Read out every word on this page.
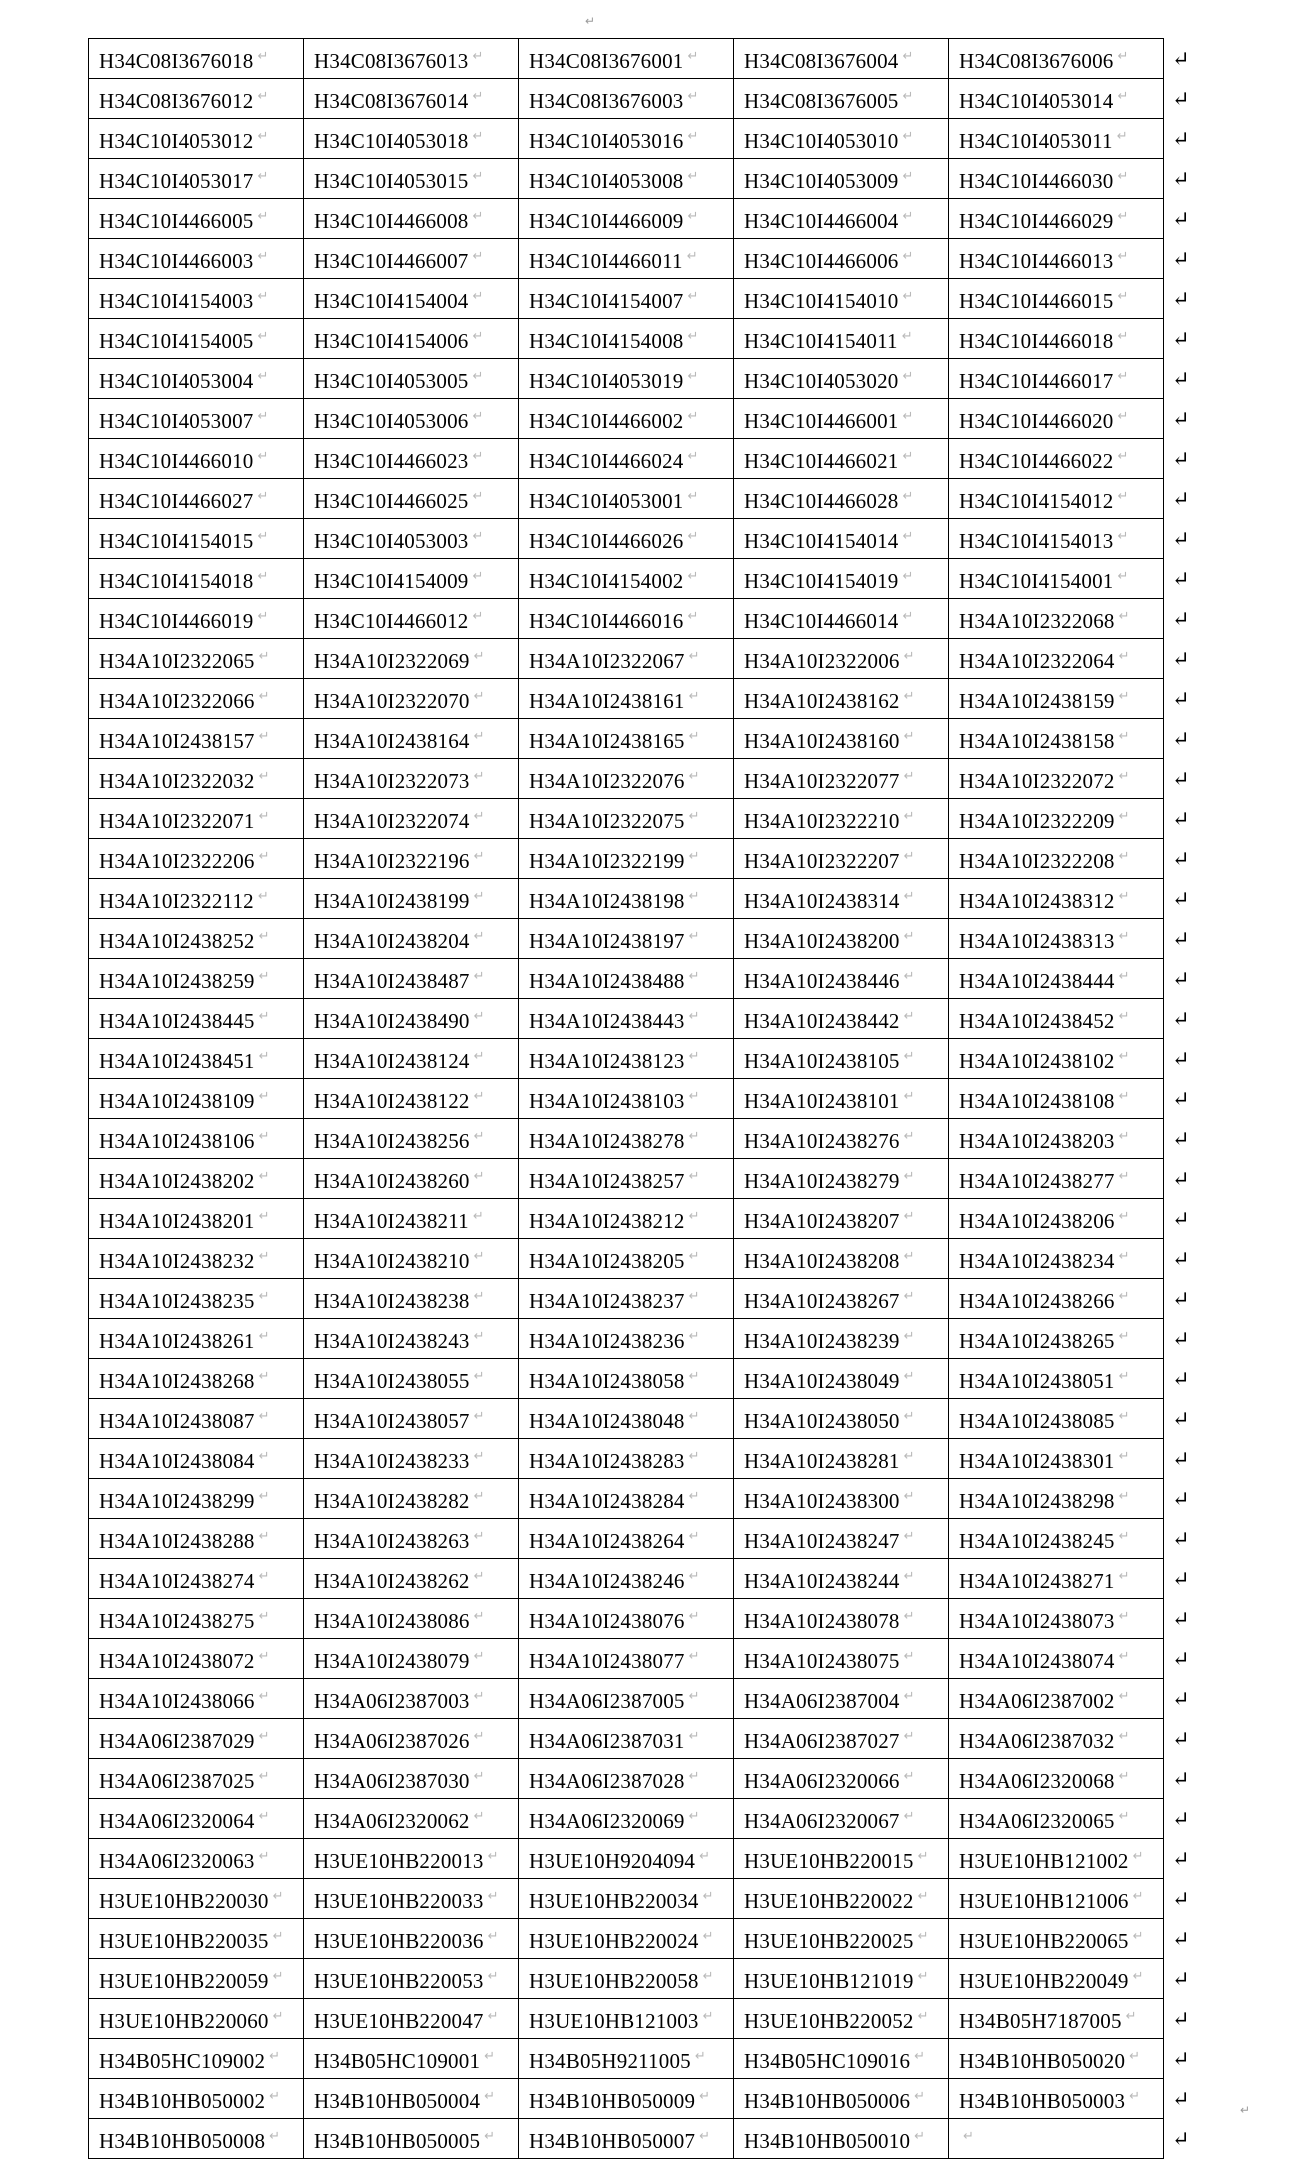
↵
H34C08I3676018 ↵	H34C08I3676013 ↵	H34C08I3676001 ↵	H34C08I3676004 ↵	H34C08I3676006 ↵	↵
H34C08I3676012 ↵	H34C08I3676014 ↵	H34C08I3676003 ↵	H34C08I3676005 ↵	H34C10I4053014 ↵	↵
H34C10I4053012 ↵	H34C10I4053018 ↵	H34C10I4053016 ↵	H34C10I4053010 ↵	H34C10I4053011 ↵	↵
H34C10I4053017 ↵	H34C10I4053015 ↵	H34C10I4053008 ↵	H34C10I4053009 ↵	H34C10I4466030 ↵	↵
H34C10I4466005 ↵	H34C10I4466008 ↵	H34C10I4466009 ↵	H34C10I4466004 ↵	H34C10I4466029 ↵	↵
H34C10I4466003 ↵	H34C10I4466007 ↵	H34C10I4466011 ↵	H34C10I4466006 ↵	H34C10I4466013 ↵	↵
H34C10I4154003 ↵	H34C10I4154004 ↵	H34C10I4154007 ↵	H34C10I4154010 ↵	H34C10I4466015 ↵	↵
H34C10I4154005 ↵	H34C10I4154006 ↵	H34C10I4154008 ↵	H34C10I4154011 ↵	H34C10I4466018 ↵	↵
H34C10I4053004 ↵	H34C10I4053005 ↵	H34C10I4053019 ↵	H34C10I4053020 ↵	H34C10I4466017 ↵	↵
H34C10I4053007 ↵	H34C10I4053006 ↵	H34C10I4466002 ↵	H34C10I4466001 ↵	H34C10I4466020 ↵	↵
H34C10I4466010 ↵	H34C10I4466023 ↵	H34C10I4466024 ↵	H34C10I4466021 ↵	H34C10I4466022 ↵	↵
H34C10I4466027 ↵	H34C10I4466025 ↵	H34C10I4053001 ↵	H34C10I4466028 ↵	H34C10I4154012 ↵	↵
H34C10I4154015 ↵	H34C10I4053003 ↵	H34C10I4466026 ↵	H34C10I4154014 ↵	H34C10I4154013 ↵	↵
H34C10I4154018 ↵	H34C10I4154009 ↵	H34C10I4154002 ↵	H34C10I4154019 ↵	H34C10I4154001 ↵	↵
H34C10I4466019 ↵	H34C10I4466012 ↵	H34C10I4466016 ↵	H34C10I4466014 ↵	H34A10I2322068 ↵	↵
H34A10I2322065 ↵	H34A10I2322069 ↵	H34A10I2322067 ↵	H34A10I2322006 ↵	H34A10I2322064 ↵	↵
H34A10I2322066 ↵	H34A10I2322070 ↵	H34A10I2438161 ↵	H34A10I2438162 ↵	H34A10I2438159 ↵	↵
H34A10I2438157 ↵	H34A10I2438164 ↵	H34A10I2438165 ↵	H34A10I2438160 ↵	H34A10I2438158 ↵	↵
H34A10I2322032 ↵	H34A10I2322073 ↵	H34A10I2322076 ↵	H34A10I2322077 ↵	H34A10I2322072 ↵	↵
H34A10I2322071 ↵	H34A10I2322074 ↵	H34A10I2322075 ↵	H34A10I2322210 ↵	H34A10I2322209 ↵	↵
H34A10I2322206 ↵	H34A10I2322196 ↵	H34A10I2322199 ↵	H34A10I2322207 ↵	H34A10I2322208 ↵	↵
H34A10I2322112 ↵	H34A10I2438199 ↵	H34A10I2438198 ↵	H34A10I2438314 ↵	H34A10I2438312 ↵	↵
H34A10I2438252 ↵	H34A10I2438204 ↵	H34A10I2438197 ↵	H34A10I2438200 ↵	H34A10I2438313 ↵	↵
H34A10I2438259 ↵	H34A10I2438487 ↵	H34A10I2438488 ↵	H34A10I2438446 ↵	H34A10I2438444 ↵	↵
H34A10I2438445 ↵	H34A10I2438490 ↵	H34A10I2438443 ↵	H34A10I2438442 ↵	H34A10I2438452 ↵	↵
H34A10I2438451 ↵	H34A10I2438124 ↵	H34A10I2438123 ↵	H34A10I2438105 ↵	H34A10I2438102 ↵	↵
H34A10I2438109 ↵	H34A10I2438122 ↵	H34A10I2438103 ↵	H34A10I2438101 ↵	H34A10I2438108 ↵	↵
H34A10I2438106 ↵	H34A10I2438256 ↵	H34A10I2438278 ↵	H34A10I2438276 ↵	H34A10I2438203 ↵	↵
H34A10I2438202 ↵	H34A10I2438260 ↵	H34A10I2438257 ↵	H34A10I2438279 ↵	H34A10I2438277 ↵	↵
H34A10I2438201 ↵	H34A10I2438211 ↵	H34A10I2438212 ↵	H34A10I2438207 ↵	H34A10I2438206 ↵	↵
H34A10I2438232 ↵	H34A10I2438210 ↵	H34A10I2438205 ↵	H34A10I2438208 ↵	H34A10I2438234 ↵	↵
H34A10I2438235 ↵	H34A10I2438238 ↵	H34A10I2438237 ↵	H34A10I2438267 ↵	H34A10I2438266 ↵	↵
H34A10I2438261 ↵	H34A10I2438243 ↵	H34A10I2438236 ↵	H34A10I2438239 ↵	H34A10I2438265 ↵	↵
H34A10I2438268 ↵	H34A10I2438055 ↵	H34A10I2438058 ↵	H34A10I2438049 ↵	H34A10I2438051 ↵	↵
H34A10I2438087 ↵	H34A10I2438057 ↵	H34A10I2438048 ↵	H34A10I2438050 ↵	H34A10I2438085 ↵	↵
H34A10I2438084 ↵	H34A10I2438233 ↵	H34A10I2438283 ↵	H34A10I2438281 ↵	H34A10I2438301 ↵	↵
H34A10I2438299 ↵	H34A10I2438282 ↵	H34A10I2438284 ↵	H34A10I2438300 ↵	H34A10I2438298 ↵	↵
H34A10I2438288 ↵	H34A10I2438263 ↵	H34A10I2438264 ↵	H34A10I2438247 ↵	H34A10I2438245 ↵	↵
H34A10I2438274 ↵	H34A10I2438262 ↵	H34A10I2438246 ↵	H34A10I2438244 ↵	H34A10I2438271 ↵	↵
H34A10I2438275 ↵	H34A10I2438086 ↵	H34A10I2438076 ↵	H34A10I2438078 ↵	H34A10I2438073 ↵	↵
H34A10I2438072 ↵	H34A10I2438079 ↵	H34A10I2438077 ↵	H34A10I2438075 ↵	H34A10I2438074 ↵	↵
H34A10I2438066 ↵	H34A06I2387003 ↵	H34A06I2387005 ↵	H34A06I2387004 ↵	H34A06I2387002 ↵	↵
H34A06I2387029 ↵	H34A06I2387026 ↵	H34A06I2387031 ↵	H34A06I2387027 ↵	H34A06I2387032 ↵	↵
H34A06I2387025 ↵	H34A06I2387030 ↵	H34A06I2387028 ↵	H34A06I2320066 ↵	H34A06I2320068 ↵	↵
H34A06I2320064 ↵	H34A06I2320062 ↵	H34A06I2320069 ↵	H34A06I2320067 ↵	H34A06I2320065 ↵	↵
H34A06I2320063 ↵	H3UE10HB220013 ↵	H3UE10H9204094 ↵	H3UE10HB220015 ↵	H3UE10HB121002 ↵	↵
H3UE10HB220030 ↵	H3UE10HB220033 ↵	H3UE10HB220034 ↵	H3UE10HB220022 ↵	H3UE10HB121006 ↵	↵
H3UE10HB220035 ↵	H3UE10HB220036 ↵	H3UE10HB220024 ↵	H3UE10HB220025 ↵	H3UE10HB220065 ↵	↵
H3UE10HB220059 ↵	H3UE10HB220053 ↵	H3UE10HB220058 ↵	H3UE10HB121019 ↵	H3UE10HB220049 ↵	↵
H3UE10HB220060 ↵	H3UE10HB220047 ↵	H3UE10HB121003 ↵	H3UE10HB220052 ↵	H34B05H7187005 ↵	↵
H34B05HC109002 ↵	H34B05HC109001 ↵	H34B05H9211005 ↵	H34B05HC109016 ↵	H34B10HB050020 ↵	↵
H34B10HB050002 ↵	H34B10HB050004 ↵	H34B10HB050009 ↵	H34B10HB050006 ↵	H34B10HB050003 ↵	↵
H34B10HB050008 ↵	H34B10HB050005 ↵	H34B10HB050007 ↵	H34B10HB050010 ↵	↵	↵
↵
